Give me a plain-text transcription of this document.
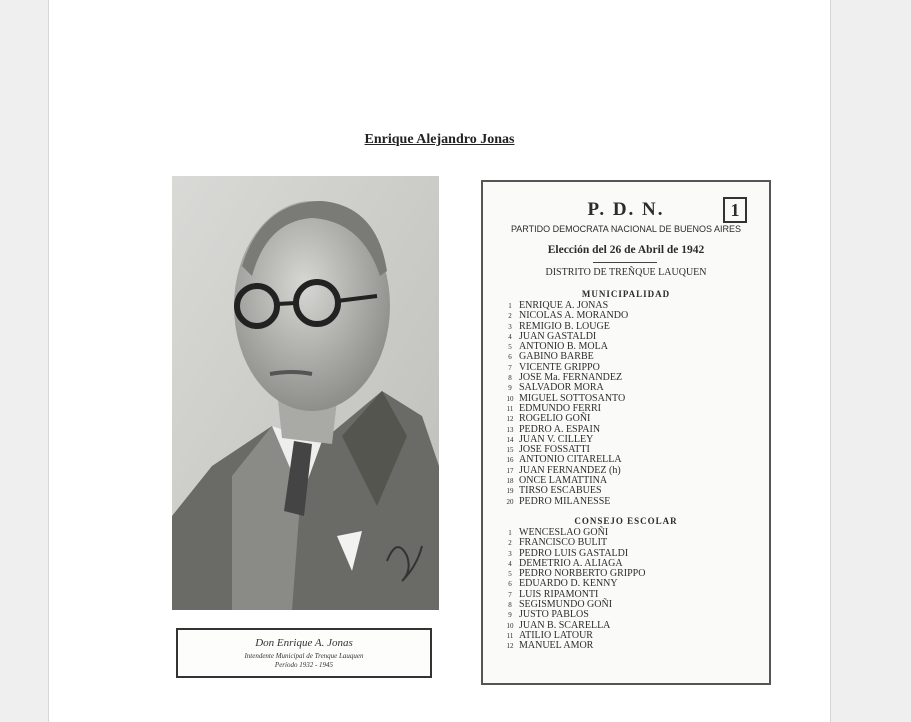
Enrique Alejandro Jonas
Don Enrique A. Jonas
Intendente Municipal de Trenque Lauquen
Período 1932 - 1945
1
P. D. N.
PARTIDO DEMOCRATA NACIONAL DE BUENOS AIRES
Elección del 26 de Abril de 1942
DISTRITO DE TREÑQUE LAUQUEN
MUNICIPALIDAD
1 ENRIQUE A. JONAS
2 NICOLAS A. MORANDO
3 REMIGIO B. LOUGE
4 JUAN GASTALDI
5 ANTONIO B. MOLA
6 GABINO BARBE
7 VICENTE GRIPPO
8 JOSE Ma. FERNANDEZ
9 SALVADOR MORA
10 MIGUEL SOTTOSANTO
11 EDMUNDO FERRI
12 ROGELIO GOÑI
13 PEDRO A. ESPAIN
14 JUAN V. CILLEY
15 JOSE FOSSATTI
16 ANTONIO CITARELLA
17 JUAN FERNANDEZ (h)
18 ONCE LAMATTINA
19 TIRSO ESCABUES
20 PEDRO MILANESSE
CONSEJO ESCOLAR
1 WENCESLAO GOÑI
2 FRANCISCO BULIT
3 PEDRO LUIS GASTALDI
4 DEMETRIO A. ALIAGA
5 PEDRO NORBERTO GRIPPO
6 EDUARDO D. KENNY
7 LUIS RIPAMONTI
8 SEGISMUNDO GOÑI
9 JUSTO PABLOS
10 JUAN B. SCARELLA
11 ATILIO LATOUR
12 MANUEL AMOR
